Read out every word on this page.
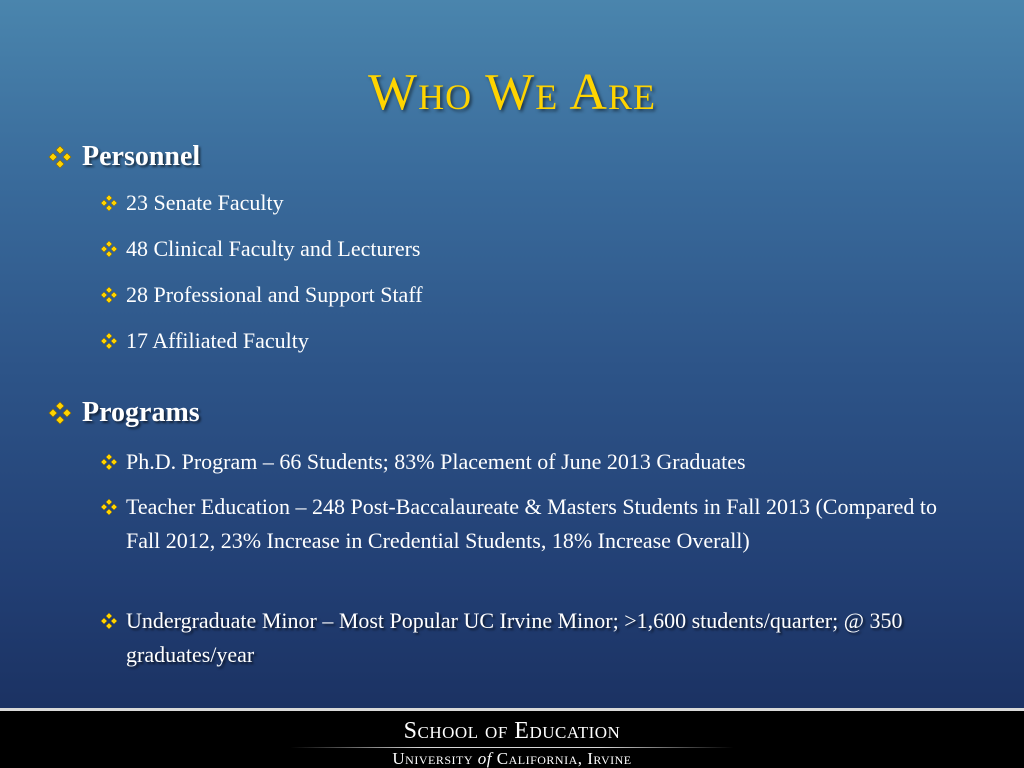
Who We Are
Personnel
23 Senate Faculty
48 Clinical Faculty and Lecturers
28 Professional and Support Staff
17 Affiliated Faculty
Programs
Ph.D. Program – 66 Students; 83% Placement of June 2013 Graduates
Teacher Education – 248 Post-Baccalaureate & Masters Students in Fall 2013 (Compared to Fall 2012, 23% Increase in Credential Students, 18% Increase Overall)
Undergraduate Minor – Most Popular UC Irvine Minor; >1,600 students/quarter; @ 350 graduates/year
School of Education
University of California, Irvine
